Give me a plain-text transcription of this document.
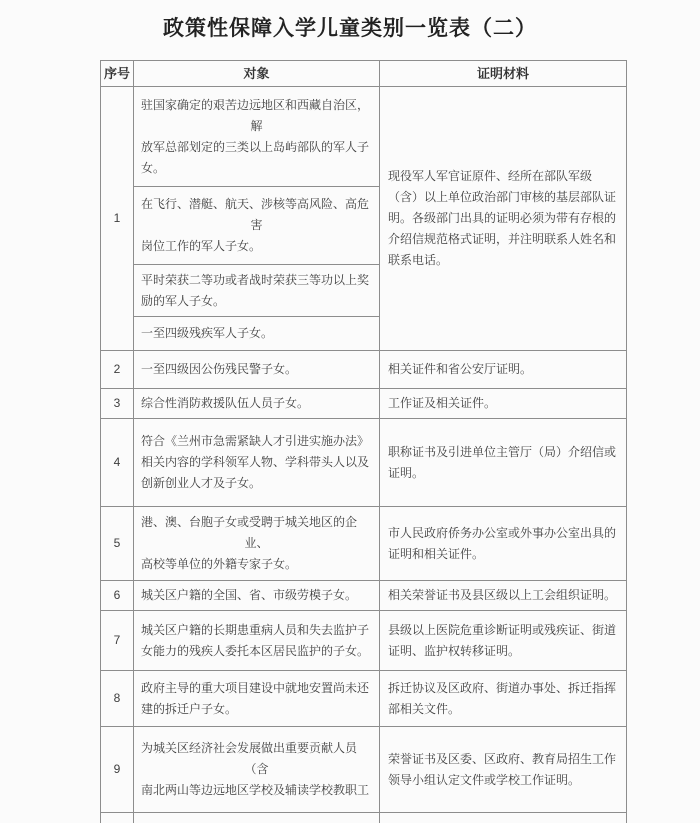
政策性保障入学儿童类别一览表（二）
序号	对象	证明材料
1	驻国家确定的艰苦边远地区和西藏自治区，
解
放军总部划定的三类以上岛屿部队的军人子
女。	现役军人军官证原件、经所在部队军级（含）以上单位政治部门审核的基层部队证明。各级部门出具的证明必须为带有存根的介绍信规范格式证明，并注明联系人姓名和联系电话。

	在飞行、潜艇、航天、涉核等高风险、高危
害
岗位工作的军人子女。	

	平时荣获二等功或者战时荣获三等功以上奖励的军人子女。	

	一至四级残疾军人子女。	

2	一至四级因公伤残民警子女。	相关证件和省公安厅证明。
3	综合性消防救援队伍人员子女。	工作证及相关证件。
4	符合《兰州市急需紧缺人才引进实施办法》相关内容的学科领军人物、学科带头人以及创新创业人才及子女。	职称证书及引进单位主管厅（局）介绍信或证明。
5	港、澳、台胞子女或受聘于城关地区的企
业、
高校等单位的外籍专家子女。	市人民政府侨务办公室或外事办公室出具的证明和相关证件。
6	城关区户籍的全国、省、市级劳模子女。	相关荣誉证书及县区级以上工会组织证明。
7	城关区户籍的长期患重病人员和失去监护子女能力的残疾人委托本区居民监护的子女。	县级以上医院危重诊断证明或残疾证、街道证明、监护权转移证明。
8	政府主导的重大项目建设中就地安置尚未还建的拆迁户子女。	拆迁协议及区政府、街道办事处、拆迁指挥部相关文件。
9	为城关区经济社会发展做出重要贡献人员
（含
南北两山等边远地区学校及辅读学校教职工	荣誉证书及区委、区政府、教育局招生工作领导小组认定文件或学校工作证明。
